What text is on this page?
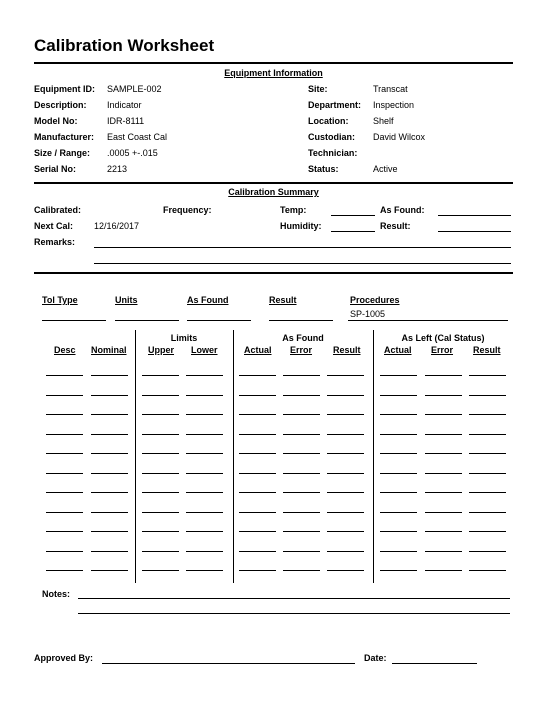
Calibration Worksheet
Equipment Information
Equipment ID: SAMPLE-002
Description: Indicator
Model No:	IDR-8111
Manufacturer: East Coast Cal
Size / Range: .0005 +-.015
Serial No:	2213
Site:	Transcat
Department: Inspection
Location:	Shelf
Custodian: David Wilcox
Technician:
Status:	Active
Calibration Summary
Calibrated:	Frequency:	Temp:	As Found:
Next Cal: 12/16/2017	Humidity:	Result:
Remarks:
Tol Type	Units	As Found	Result	Procedures
SP-1005
Limits	As Found	As Left (Cal Status)
Desc Nominal Upper Lower	Actual Error Result	Actual Error Result
Notes:
Approved By:	Date:
